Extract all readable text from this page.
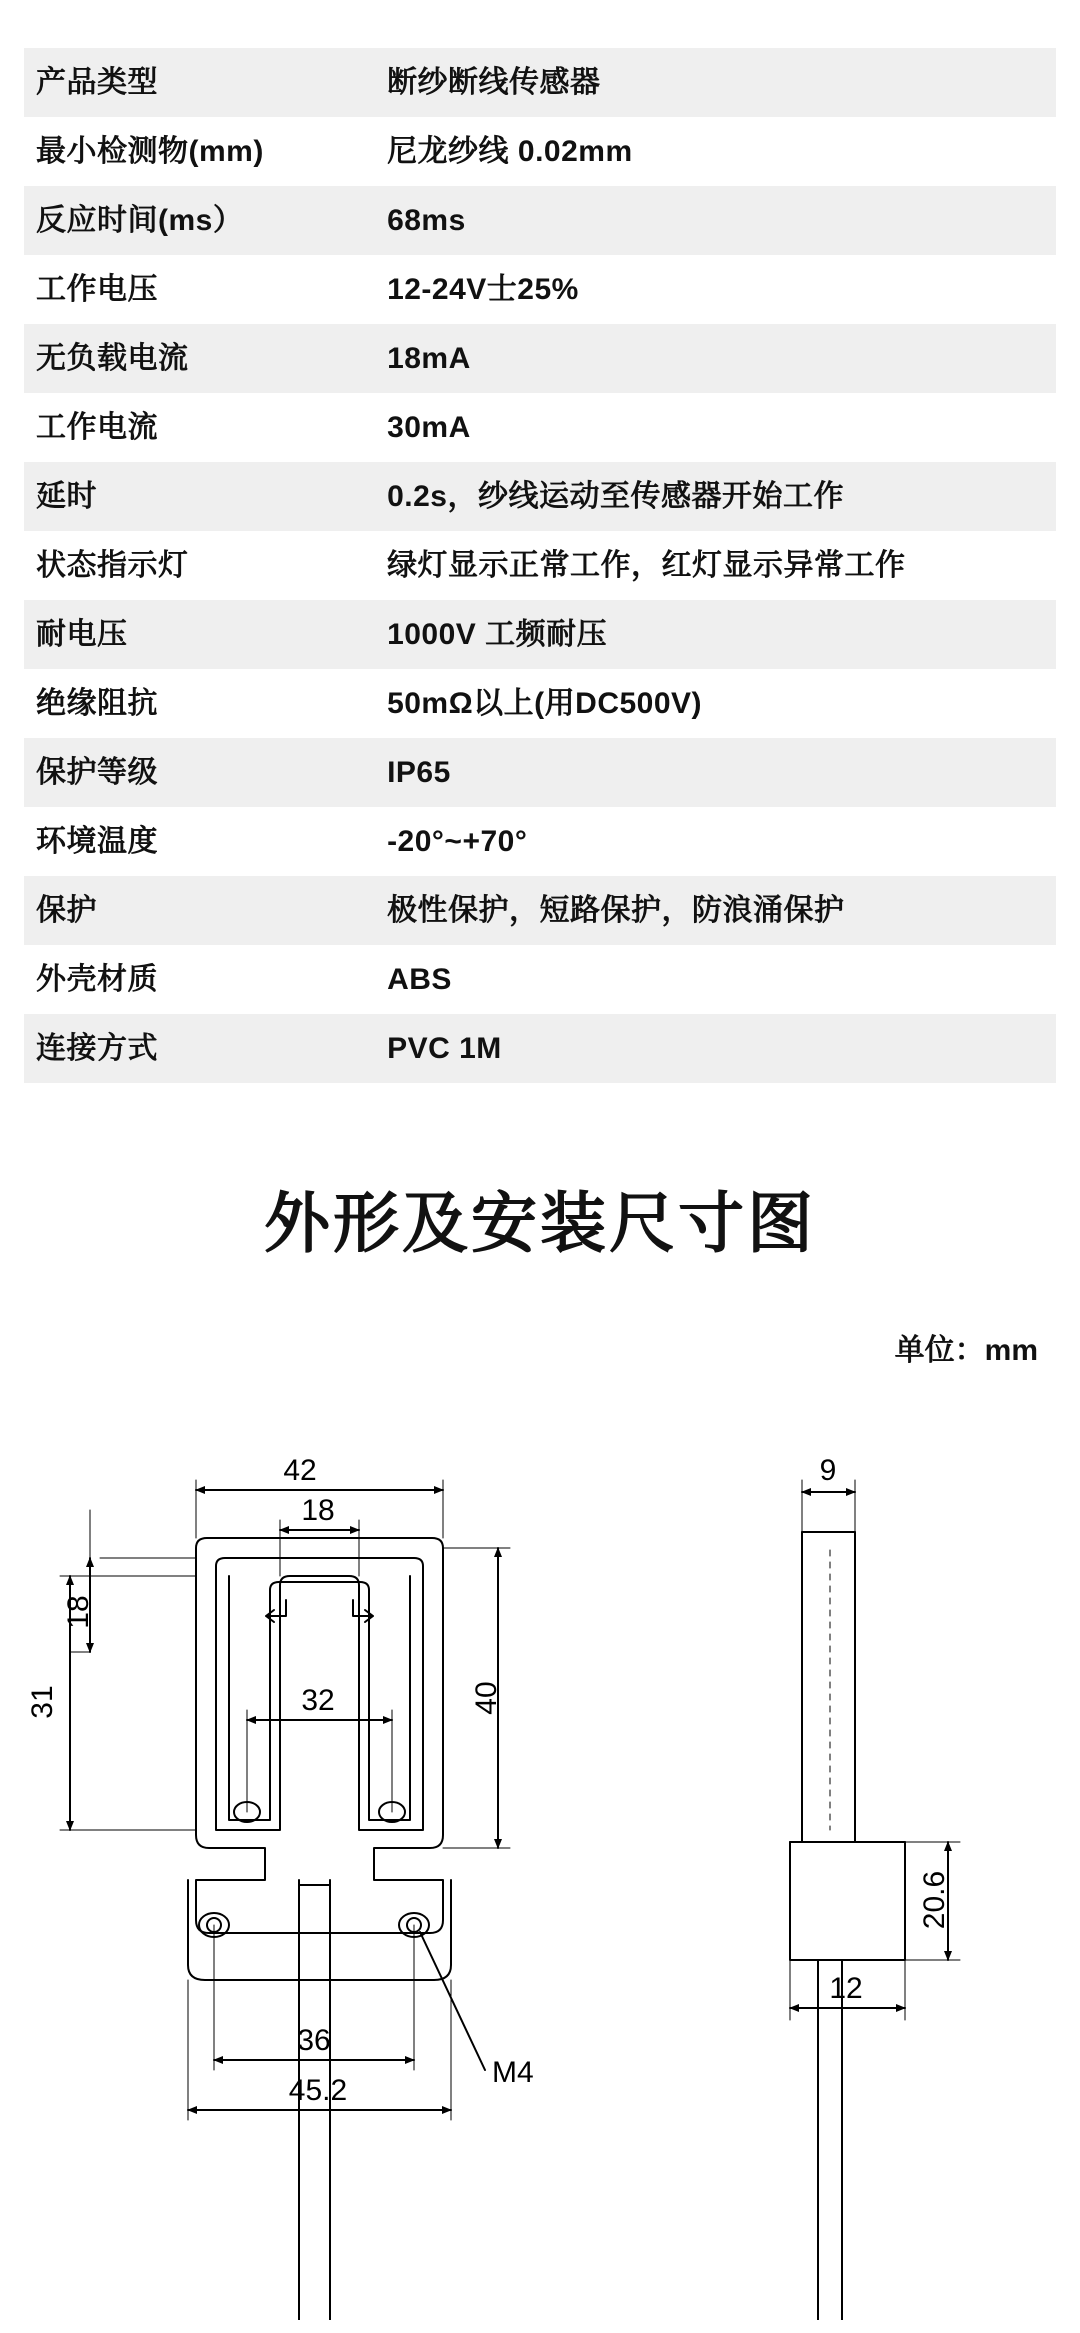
产品类型	断纱断线传感器
最小检测物(mm)	尼龙纱线 0.02mm
反应时间(ms）	68ms
工作电压	12-24V士25%
无负载电流	18mA
工作电流	30mA
延时	0.2s，纱线运动至传感器开始工作
状态指示灯	绿灯显示正常工作，红灯显示异常工作
耐电压	1000V 工频耐压
绝缘阻抗	50mΩ以上(用DC500V)
保护等级	IP65
环境温度	-20°~+70°
保护	极性保护，短路保护，防浪涌保护
外壳材质	ABS
连接方式	PVC 1M
外形及安装尺寸图
单位：mm
42
18
18
31	40
32
36
45.2
M4
9
12
20.6
